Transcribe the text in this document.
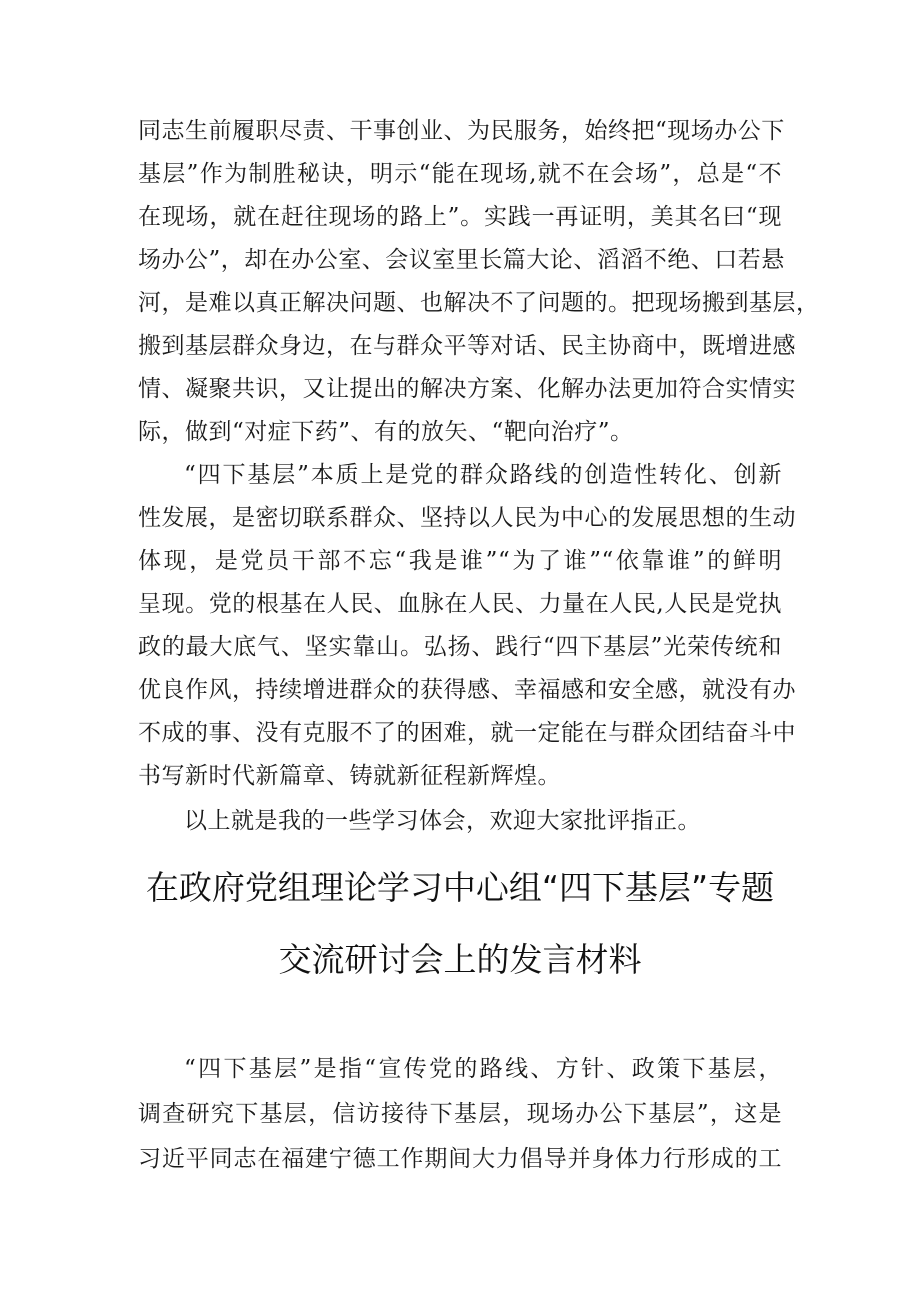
同志生前履职尽责、干事创业、为民服务，始终把“现场办公下
基层”作为制胜秘诀，明示“能在现场,就不在会场”，总是“不
在现场，就在赶往现场的路上”。实践一再证明，美其名曰“现
场办公”，却在办公室、会议室里长篇大论、滔滔不绝、口若悬
河，是难以真正解决问题、也解决不了问题的。把现场搬到基层，
搬到基层群众身边，在与群众平等对话、民主协商中，既增进感
情、凝聚共识，又让提出的解决方案、化解办法更加符合实情实
际，做到“对症下药”、有的放矢、“靶向治疗”。
“四下基层”本质上是党的群众路线的创造性转化、创新
性发展，是密切联系群众、坚持以人民为中心的发展思想的生动
体现，是党员干部不忘“我是谁”“为了谁”“依靠谁”的鲜明
呈现。党的根基在人民、血脉在人民、力量在人民,人民是党执
政的最大底气、坚实靠山。弘扬、践行“四下基层”光荣传统和
优良作风，持续增进群众的获得感、幸福感和安全感，就没有办
不成的事、没有克服不了的困难，就一定能在与群众团结奋斗中
书写新时代新篇章、铸就新征程新辉煌。
以上就是我的一些学习体会，欢迎大家批评指正。
在政府党组理论学习中心组“四下基层”专题
交流研讨会上的发言材料
“四下基层”是指“宣传党的路线、方针、政策下基层，
调查研究下基层，信访接待下基层，现场办公下基层”，这是
习近平同志在福建宁德工作期间大力倡导并身体力行形成的工
